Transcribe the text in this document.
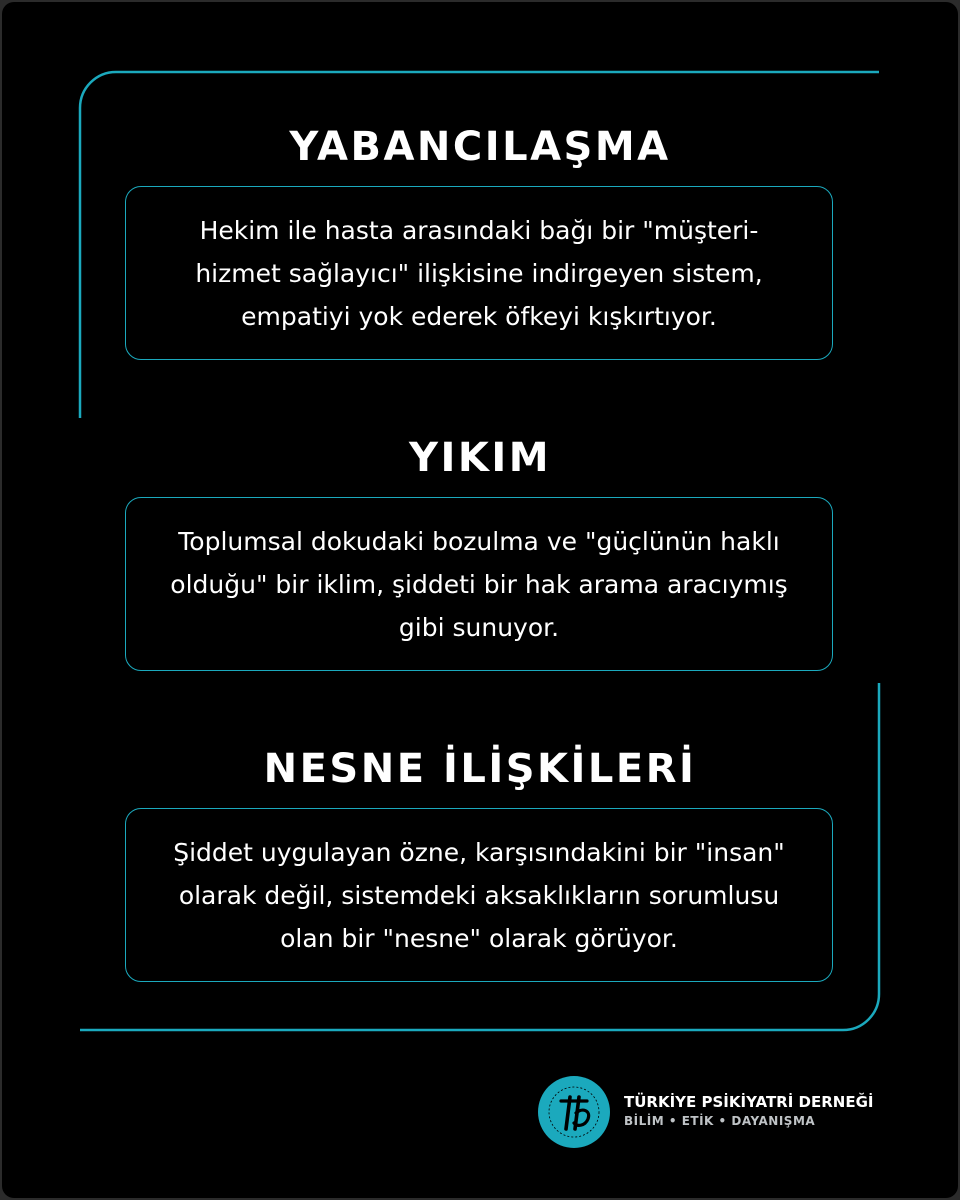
YABANCILAŞMA

Hekim ile hasta arasındaki bağı bir "müşteri-hizmet sağlayıcı" ilişkisine indirgeyen sistem, empatiyi yok ederek öfkeyi kışkırtıyor.

YIKIM

Toplumsal dokudaki bozulma ve "güçlünün haklı olduğu" bir iklim, şiddeti bir hak arama aracıymış gibi sunuyor.

NESNE İLİŞKİLERİ

Şiddet uygulayan özne, karşısındakini bir "insan" olarak değil, sistemdeki aksaklıkların sorumlusu olan bir "nesne" olarak görüyor.

TÜRKİYE PSİKİYATRİ DERNEĞİ
BİLİM • ETİK • DAYANIŞMA
